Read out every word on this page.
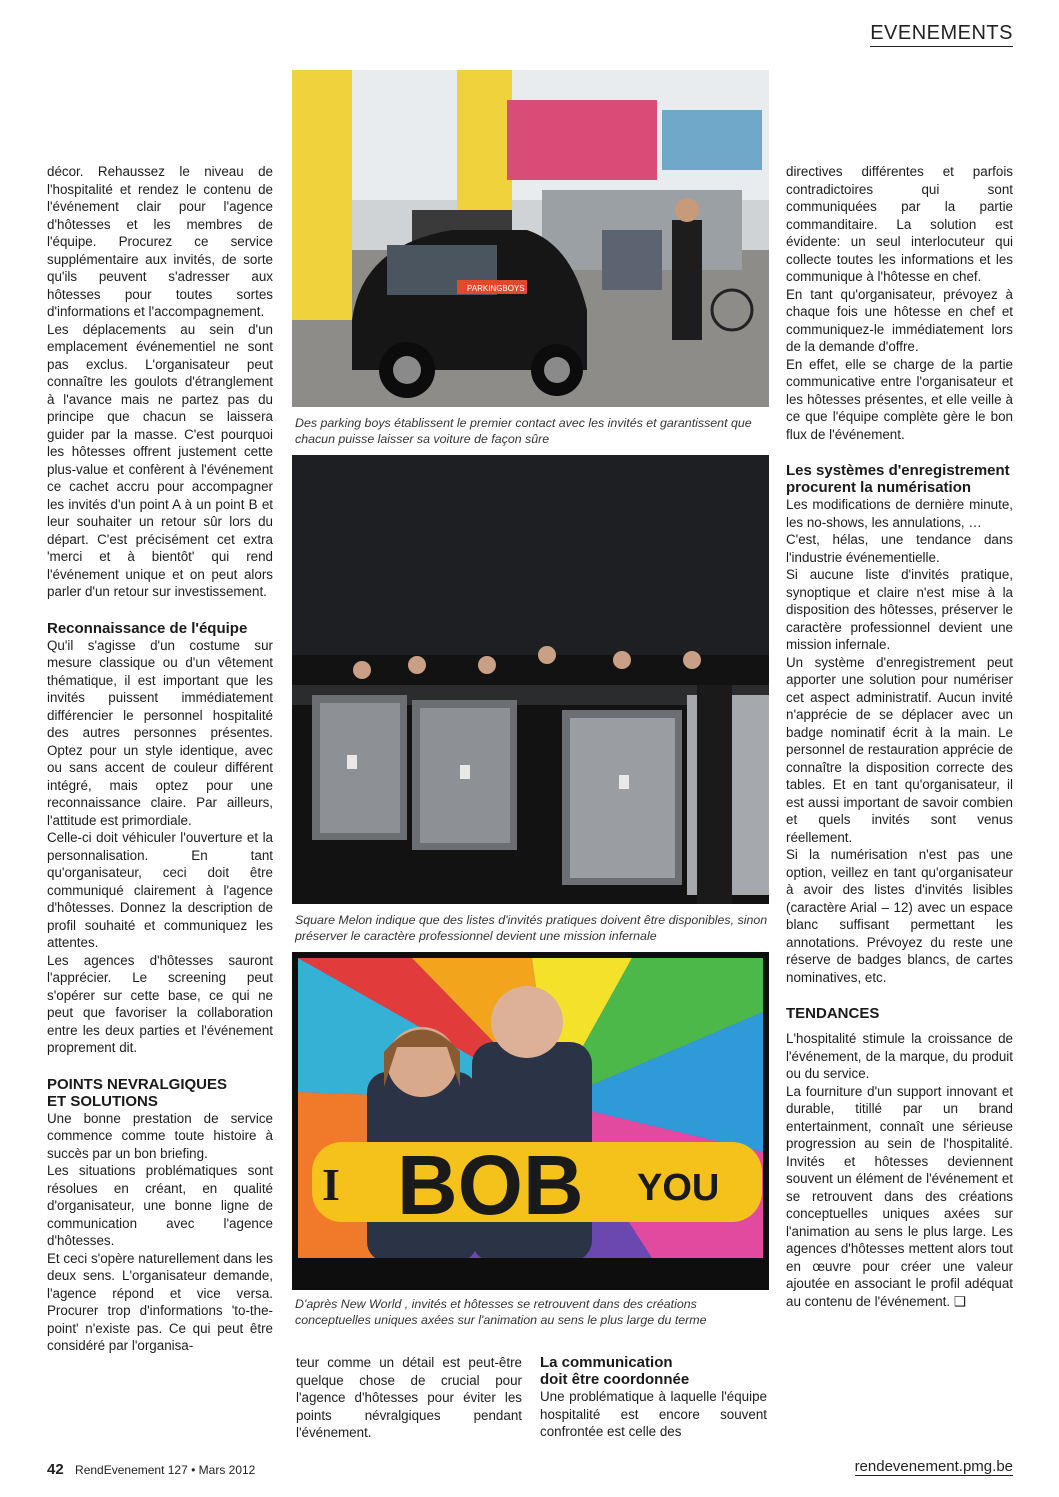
EVENEMENTS

décor. Rehaussez le niveau de l'hospitalité et rendez le contenu de l'événement clair pour l'agence d'hôtesses et les membres de l'équipe. Procurez ce service supplémentaire aux invités, de sorte qu'ils peuvent s'adresser aux hôtesses pour toutes sortes d'informations et l'accompagnement.

Les déplacements au sein d'un emplacement événementiel ne sont pas exclus. L'organisateur peut connaître les goulots d'étranglement à l'avance mais ne partez pas du principe que chacun se laissera guider par la masse. C'est pourquoi les hôtesses offrent justement cette plus-value et confèrent à l'événement ce cachet accru pour accompagner les invités d'un point A à un point B et leur souhaiter un retour sûr lors du départ. C'est précisément cet extra 'merci et à bientôt' qui rend l'événement unique et on peut alors parler d'un retour sur investissement.

Reconnaissance de l'équipe

Qu'il s'agisse d'un costume sur mesure classique ou d'un vêtement thématique, il est important que les invités puissent immédiatement différencier le personnel hospitalité des autres personnes présentes. Optez pour un style identique, avec ou sans accent de couleur différent intégré, mais optez pour une reconnaissance claire. Par ailleurs, l'attitude est primordiale.

Celle-ci doit véhiculer l'ouverture et la personnalisation. En tant qu'organisateur, ceci doit être communiqué clairement à l'agence d'hôtesses. Donnez la description de profil souhaité et communiquez les attentes.

Les agences d'hôtesses sauront l'apprécier. Le screening peut s'opérer sur cette base, ce qui ne peut que favoriser la collaboration entre les deux parties et l'événement proprement dit.

POINTS NEVRALGIQUES
ET SOLUTIONS

Une bonne prestation de service commence comme toute histoire à succès par un bon briefing.

Les situations problématiques sont résolues en créant, en qualité d'organisateur, une bonne ligne de communication avec l'agence d'hôtesses.

Et ceci s'opère naturellement dans les deux sens. L'organisateur demande, l'agence répond et vice versa. Procurer trop d'informations 'to-the-point' n'existe pas. Ce qui peut être considéré par l'organisa-

PARKINGBOYS
Des parking boys établissent le premier contact avec les invités et garantissent que chacun puisse laisser sa voiture de façon sûre
Square Melon indique que des listes d'invités pratiques doivent être disponibles, sinon préserver le caractère professionnel devient une mission infernale
I BOB YOU
D'après New World , invités et hôtesses se retrouvent dans des créations conceptuelles uniques axées sur l'animation au sens le plus large du terme

teur comme un détail est peut-être quelque chose de crucial pour l'agence d'hôtesses pour éviter les points névralgiques pendant l'événement.

La communication
doit être coordonnée

Une problématique à laquelle l'équipe hospitalité est encore souvent confrontée est celle des

directives différentes et parfois contradictoires qui sont communiquées par la partie commanditaire. La solution est évidente: un seul interlocuteur qui collecte toutes les informations et les communique à l'hôtesse en chef.

En tant qu'organisateur, prévoyez à chaque fois une hôtesse en chef et communiquez-le immédiatement lors de la demande d'offre.

En effet, elle se charge de la partie communicative entre l'organisateur et les hôtesses présentes, et elle veille à ce que l'équipe complète gère le bon flux de l'événement.

Les systèmes d'enregistrement
procurent la numérisation

Les modifications de dernière minute, les no-shows, les annulations, …

C'est, hélas, une tendance dans l'industrie événementielle.

Si aucune liste d'invités pratique, synoptique et claire n'est mise à la disposition des hôtesses, préserver le caractère professionnel devient une mission infernale.

Un système d'enregistrement peut apporter une solution pour numériser cet aspect administratif. Aucun invité n'apprécie de se déplacer avec un badge nominatif écrit à la main. Le personnel de restauration apprécie de connaître la disposition correcte des tables. Et en tant qu'organisateur, il est aussi important de savoir combien et quels invités sont venus réellement.

Si la numérisation n'est pas une option, veillez en tant qu'organisateur à avoir des listes d'invités lisibles (caractère Arial – 12) avec un espace blanc suffisant permettant les annotations. Prévoyez du reste une réserve de badges blancs, de cartes nominatives, etc.

TENDANCES

L'hospitalité stimule la croissance de l'événement, de la marque, du produit ou du service.

La fourniture d'un support innovant et durable, titillé par un brand entertainment, connaît une sérieuse progression au sein de l'hospitalité. Invités et hôtesses deviennent souvent un élément de l'événement et se retrouvent dans des créations conceptuelles uniques axées sur l'animation au sens le plus large. Les agences d'hôtesses mettent alors tout en œuvre pour créer une valeur ajoutée en associant le profil adéquat au contenu de l'événement. ❑

42 RendEvenement 127 • Mars 2012	rendevenement.pmg.be
